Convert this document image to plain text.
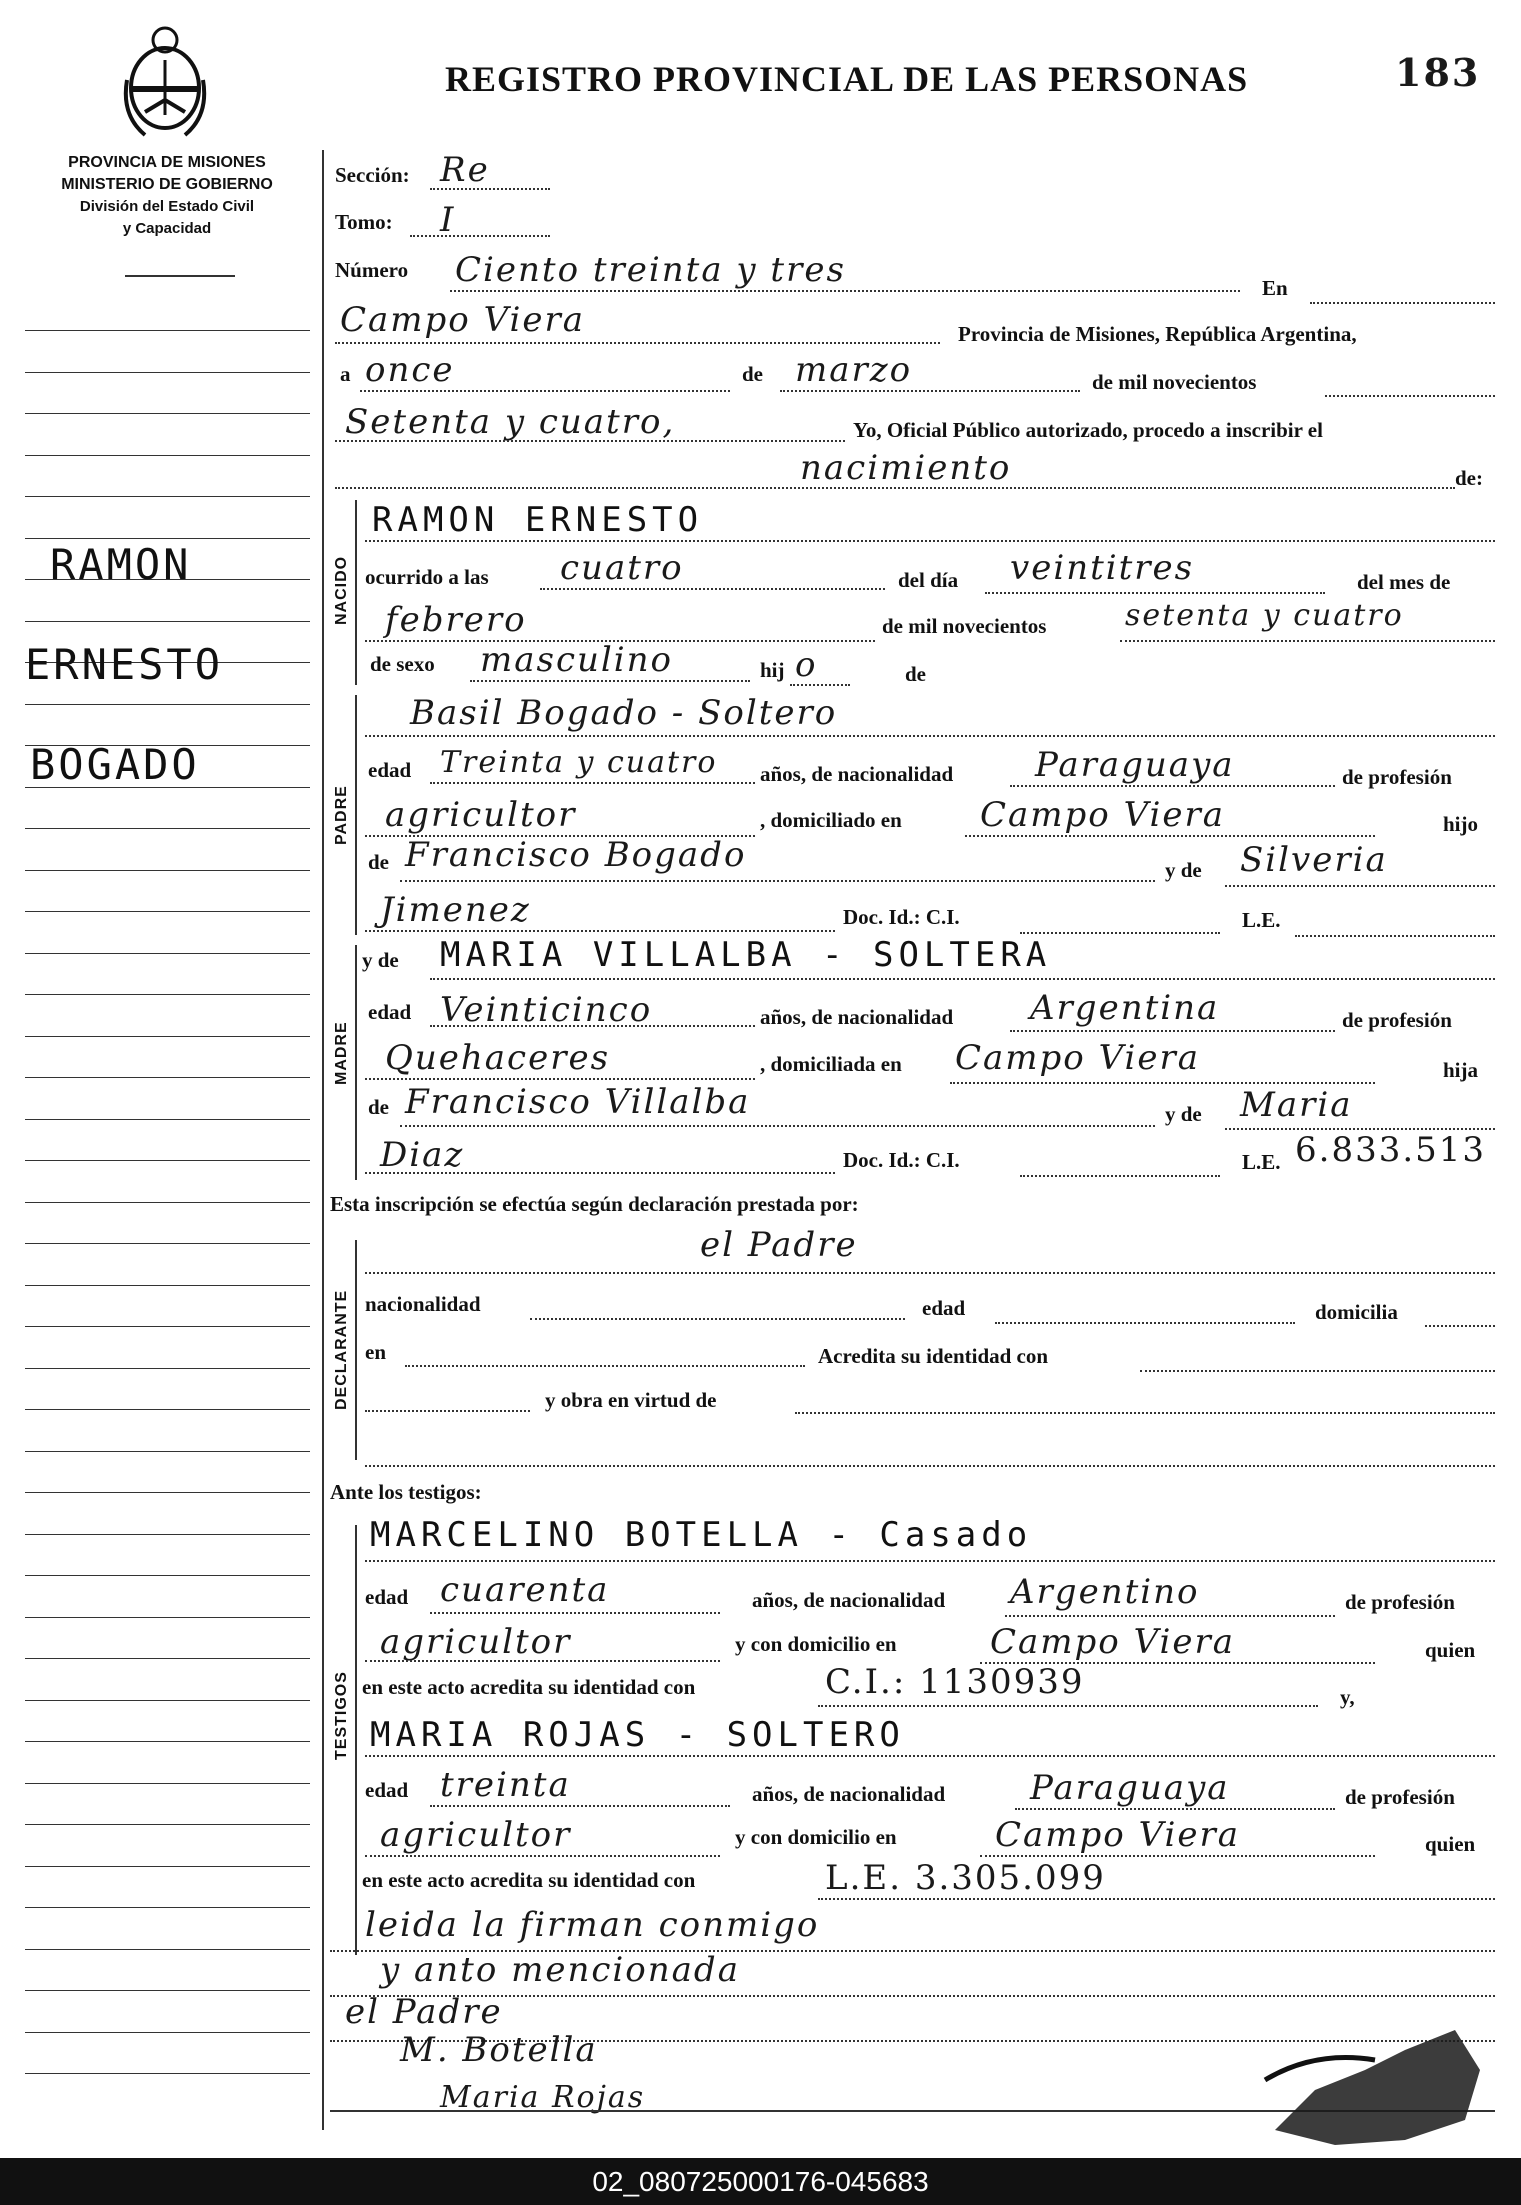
REGISTRO PROVINCIAL DE LAS PERSONAS	183
PROVINCIA DE MISIONES
MINISTERIO DE GOBIERNO
División del Estado Civil
y Capacidad
RAMON
ERNESTO
BOGADO
NACIDO
PADRE
MADRE
DECLARANTE
TESTIGOS
Sección: Re
Tomo: I
Número Ciento treinta y tres	En
Campo Viera	Provincia de Misiones, República Argentina,
a once	de marzo	de mil novecientos
Setenta y cuatro,	Yo, Oficial Público autorizado, procedo a inscribir el
nacimiento	de:
RAMON ERNESTO
ocurrido a las cuatro	del día veintitres	del mes de
febrero	de mil novecientos	setenta y cuatro
de sexo masculino	hij o	de
Basil Bogado - Soltero
edad Treinta y cuatro años, de nacionalidad Paraguaya	de profesión
agricultor	, domiciliado en Campo Viera	hijo
de Francisco Bogado	y de Silveria
Jimenez	Doc. Id.: C.I.	L.E.
y de MARIA VILLALBA - SOLTERA
edad Veinticinco	años, de nacionalidad Argentina	de profesión
Quehaceres	, domiciliada en Campo Viera	hija
de Francisco Villalba	y de Maria
Diaz	Doc. Id.: C.I.	L.E. 6.833.513
Esta inscripción se efectúa según declaración prestada por:
el Padre
nacionalidad	edad	domicilia
en	Acredita su identidad con
y obra en virtud de
Ante los testigos:
MARCELINO BOTELLA - Casado
edad cuarenta	años, de nacionalidad Argentino	de profesión
agricultor	y con domicilio en	Campo Viera	quien
en este acto acredita su identidad con	C.I.: 1130939	y,
MARIA ROJAS - SOLTERO
edad treinta	años, de nacionalidad Paraguaya	de profesión
agricultor	y con domicilio en	Campo Viera	quien
en este acto acredita su identidad con	L.E. 3.305.099
leida la firman conmigo
y anto mencionada
el Padre
M. Botella
Maria Rojas
02_080725000176-045683
